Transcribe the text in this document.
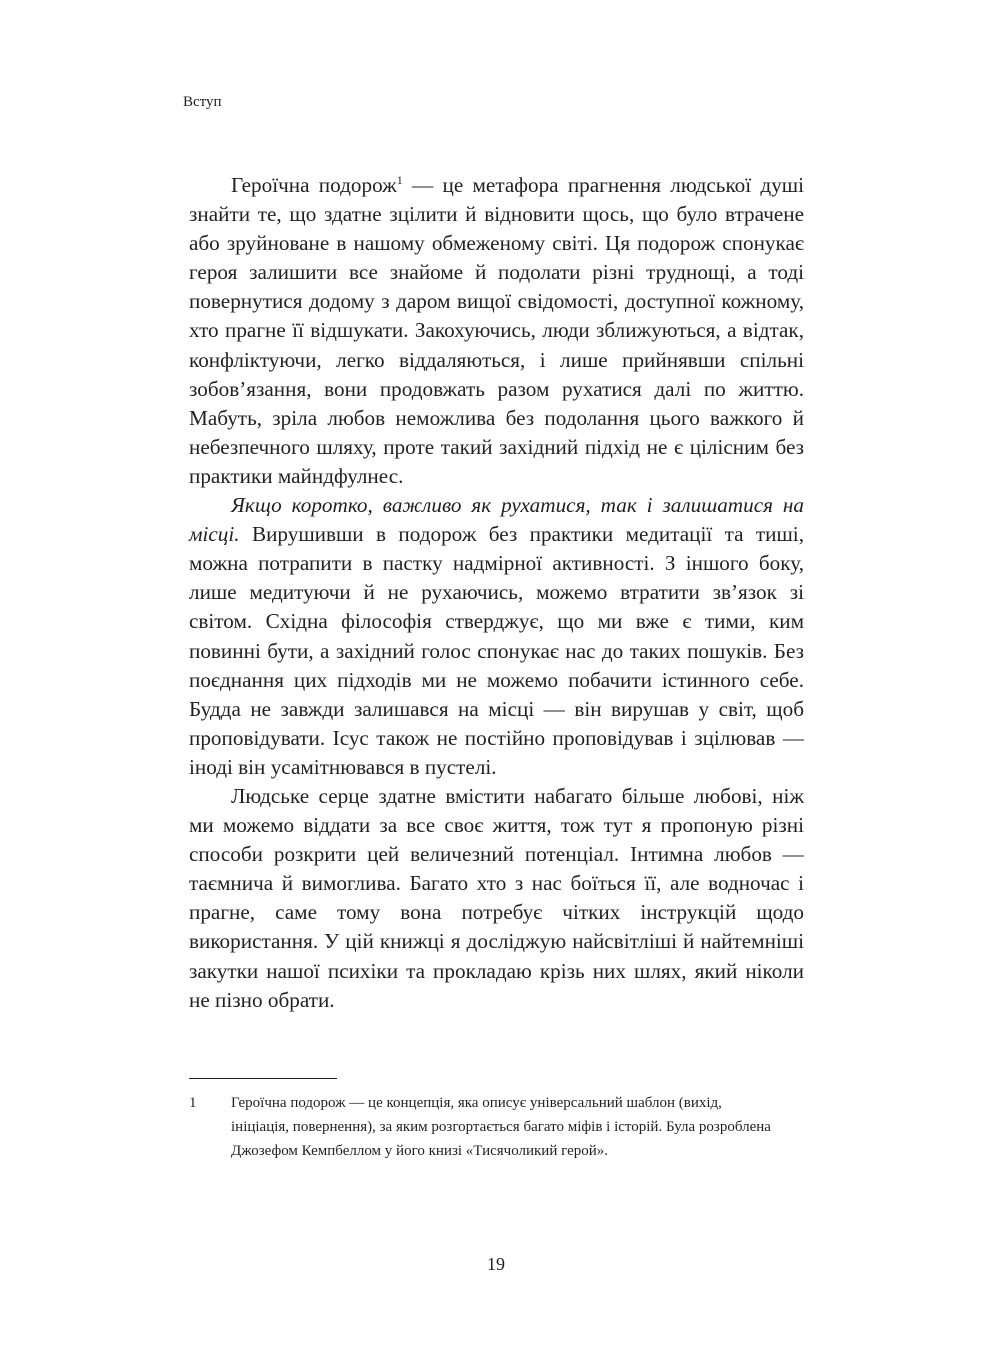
Вступ

Героїчна подорож$^1$ — це метафора прагнення людської душі знайти те, що здатне зцілити й відновити щось, що було втрачене або зруйноване в нашому обмеженому світі. Ця подорож спонукає героя залишити все знайоме й подолати різні труднощі, а тоді повернутися додому з даром вищої свідомості, доступної кожному, хто прагне її відшукати. Закохуючись, люди зближуються, а відтак, конфліктуючи, легко віддаляються, і лише прийнявши спільні зобов’язання, вони продовжать разом рухатися далі по життю. Мабуть, зріла любов неможлива без подолання цього важкого й небезпечного шляху, проте такий західний підхід не є цілісним без практики майндфулнес.

Якщо коротко, важливо як рухатися, так і залишатися на місці. Вирушивши в подорож без практики медитації та тиші, можна потрапити в пастку надмірної активності. З іншого боку, лише медитуючи й не рухаючись, можемо втратити зв’язок зі світом. Східна філософія стверджує, що ми вже є тими, ким повинні бути, а західний голос спонукає нас до таких пошуків. Без поєднання цих підходів ми не можемо побачити істинного себе. Будда не завжди залишався на місці — він вирушав у світ, щоб проповідувати. Ісус також не постійно проповідував і зцілював — іноді він усамітнювався в пустелі.

Людське серце здатне вмістити набагато більше любові, ніж ми можемо віддати за все своє життя, тож тут я пропоную різні способи розкрити цей величезний потенціал. Інтимна любов — таємнича й вимоглива. Багато хто з нас боїться її, але водночас і прагне, саме тому вона потребує чітких інструкцій щодо використання. У цій книжці я досліджую найсвітліші й найтемніші закутки нашої психіки та прокладаю крізь них шлях, який ніколи не пізно обрати.

1 Героїчна подорож — це концепція, яка описує універсальний шаблон (вихід, ініціація, повернення), за яким розгортається багато міфів і історій. Була розроблена Джозефом Кемпбеллом у його книзі «Тисячоликий герой».
19
